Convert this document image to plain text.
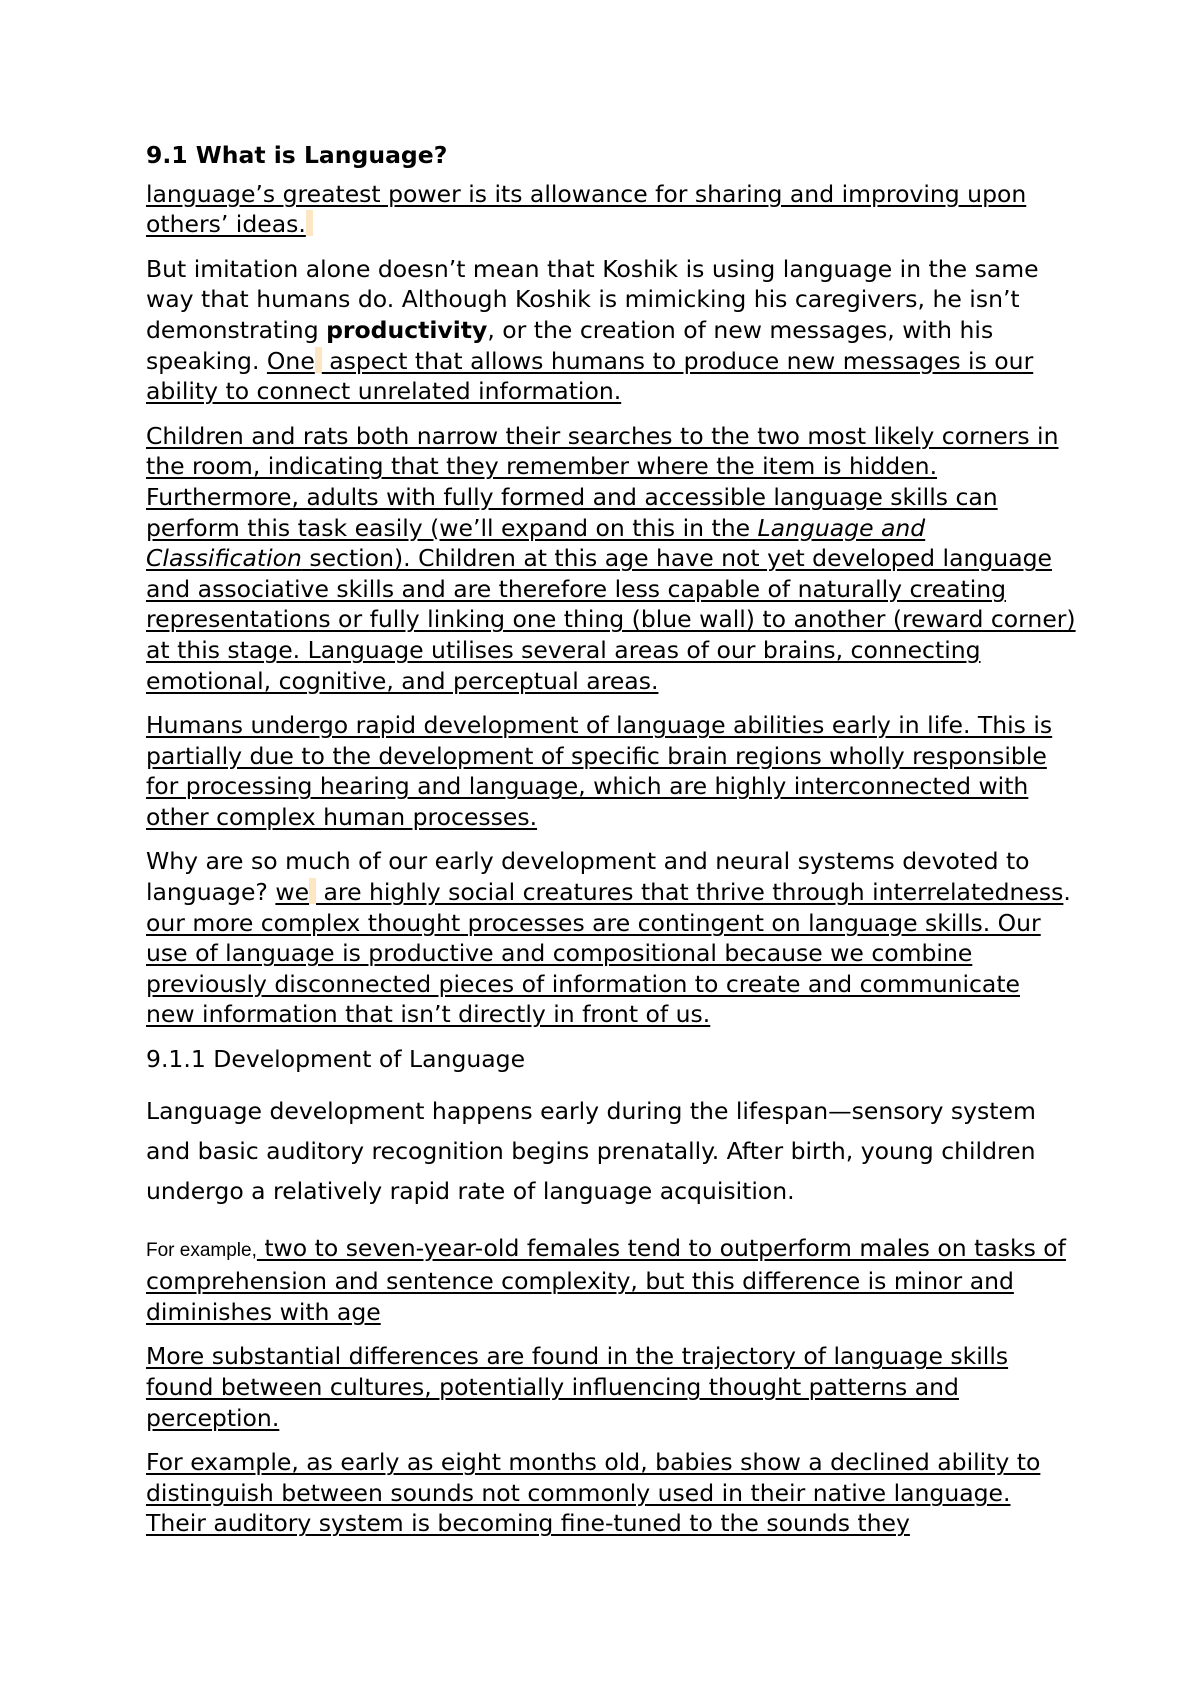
9.1 What is Language?

language’s greatest power is its allowance for sharing and improving upon others’ ideas.

But imitation alone doesn’t mean that Koshik is using language in the same way that humans do. Although Koshik is mimicking his caregivers, he isn’t demonstrating productivity, or the creation of new messages, with his speaking. One aspect that allows humans to produce new messages is our ability to connect unrelated information.

Children and rats both narrow their searches to the two most likely corners in the room, indicating that they remember where the item is hidden. Furthermore, adults with fully formed and accessible language skills can perform this task easily (we’ll expand on this in the Language and Classification section). Children at this age have not yet developed language and associative skills and are therefore less capable of naturally creating representations or fully linking one thing (blue wall) to another (reward corner) at this stage. Language utilises several areas of our brains, connecting emotional, cognitive, and perceptual areas.

Humans undergo rapid development of language abilities early in life. This is partially due to the development of specific brain regions wholly responsible for processing hearing and language, which are highly interconnected with other complex human processes.

Why are so much of our early development and neural systems devoted to language? we are highly social creatures that thrive through interrelatedness. our more complex thought processes are contingent on language skills. Our use of language is productive and compositional because we combine previously disconnected pieces of information to create and communicate new information that isn’t directly in front of us.

9.1.1 Development of Language

Language development happens early during the lifespan—sensory system and basic auditory recognition begins prenatally. After birth, young children undergo a relatively rapid rate of language acquisition.

For example, two to seven-year-old females tend to outperform males on tasks of comprehension and sentence complexity, but this difference is minor and diminishes with age

More substantial differences are found in the trajectory of language skills found between cultures, potentially influencing thought patterns and perception.

For example, as early as eight months old, babies show a declined ability to distinguish between sounds not commonly used in their native language. Their auditory system is becoming fine-tuned to the sounds they
